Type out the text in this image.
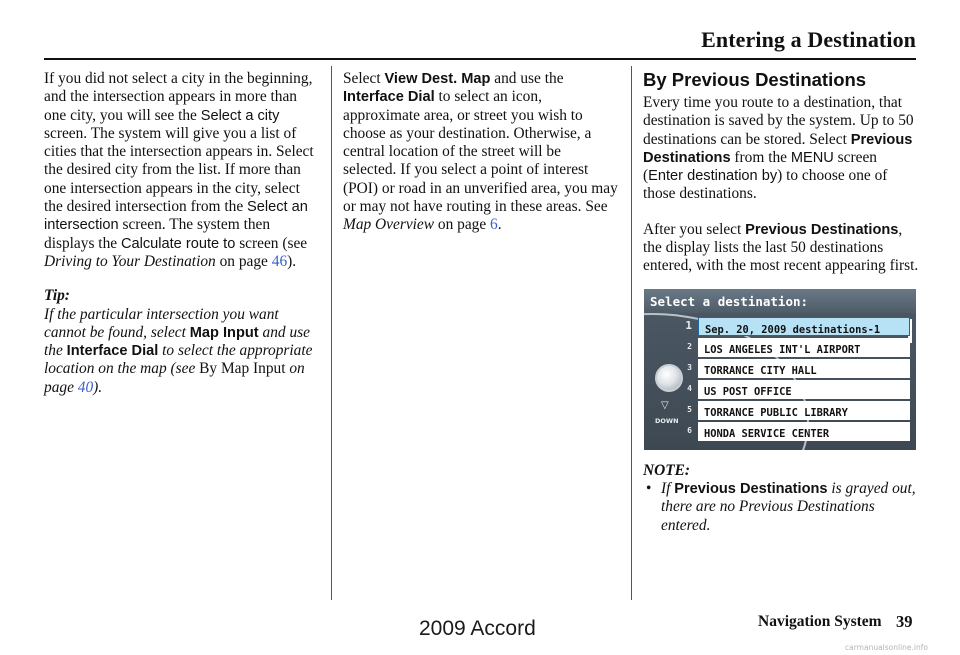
Entering a Destination

If you did not select a city in the beginning, and the intersection appears in more than one city, you will see the Select a city screen. The system will give you a list of cities that the intersection appears in. Select the desired city from the list. If more than one intersection appears in the city, select the desired intersection from the Select an intersection screen. The system then displays the Calculate route to screen (see Driving to Your Destination on page 46).

Tip:

If the particular intersection you want cannot be found, select Map Input and use the Interface Dial to select the appropriate location on the map (see By Map Input on page 40).

Select View Dest. Map and use the Interface Dial to select an icon, approximate area, or street you wish to choose as your destination. Otherwise, a central location of the street will be selected. If you select a point of interest (POI) or road in an unverified area, you may or may not have routing in these areas. See Map Overview on page 6.

By Previous Destinations

Every time you route to a destination, that destination is saved by the system. Up to 50 destinations can be stored. Select Previous Destinations from the MENU screen (Enter destination by) to choose one of those destinations.

After you select Previous Destinations, the display lists the last 50 destinations entered, with the most recent appearing first.

Select a destination:
▽
DOWN
1	Sep. 20, 2009 destinations-1
2	LOS ANGELES INT'L AIRPORT
3	TORRANCE CITY HALL
4	US POST OFFICE
5	TORRANCE PUBLIC LIBRARY
6	HONDA SERVICE CENTER

NOTE:

• If Previous Destinations is grayed out, there are no Previous Destinations entered.

Navigation System 39
2009 Accord
carmanualsonline.info
